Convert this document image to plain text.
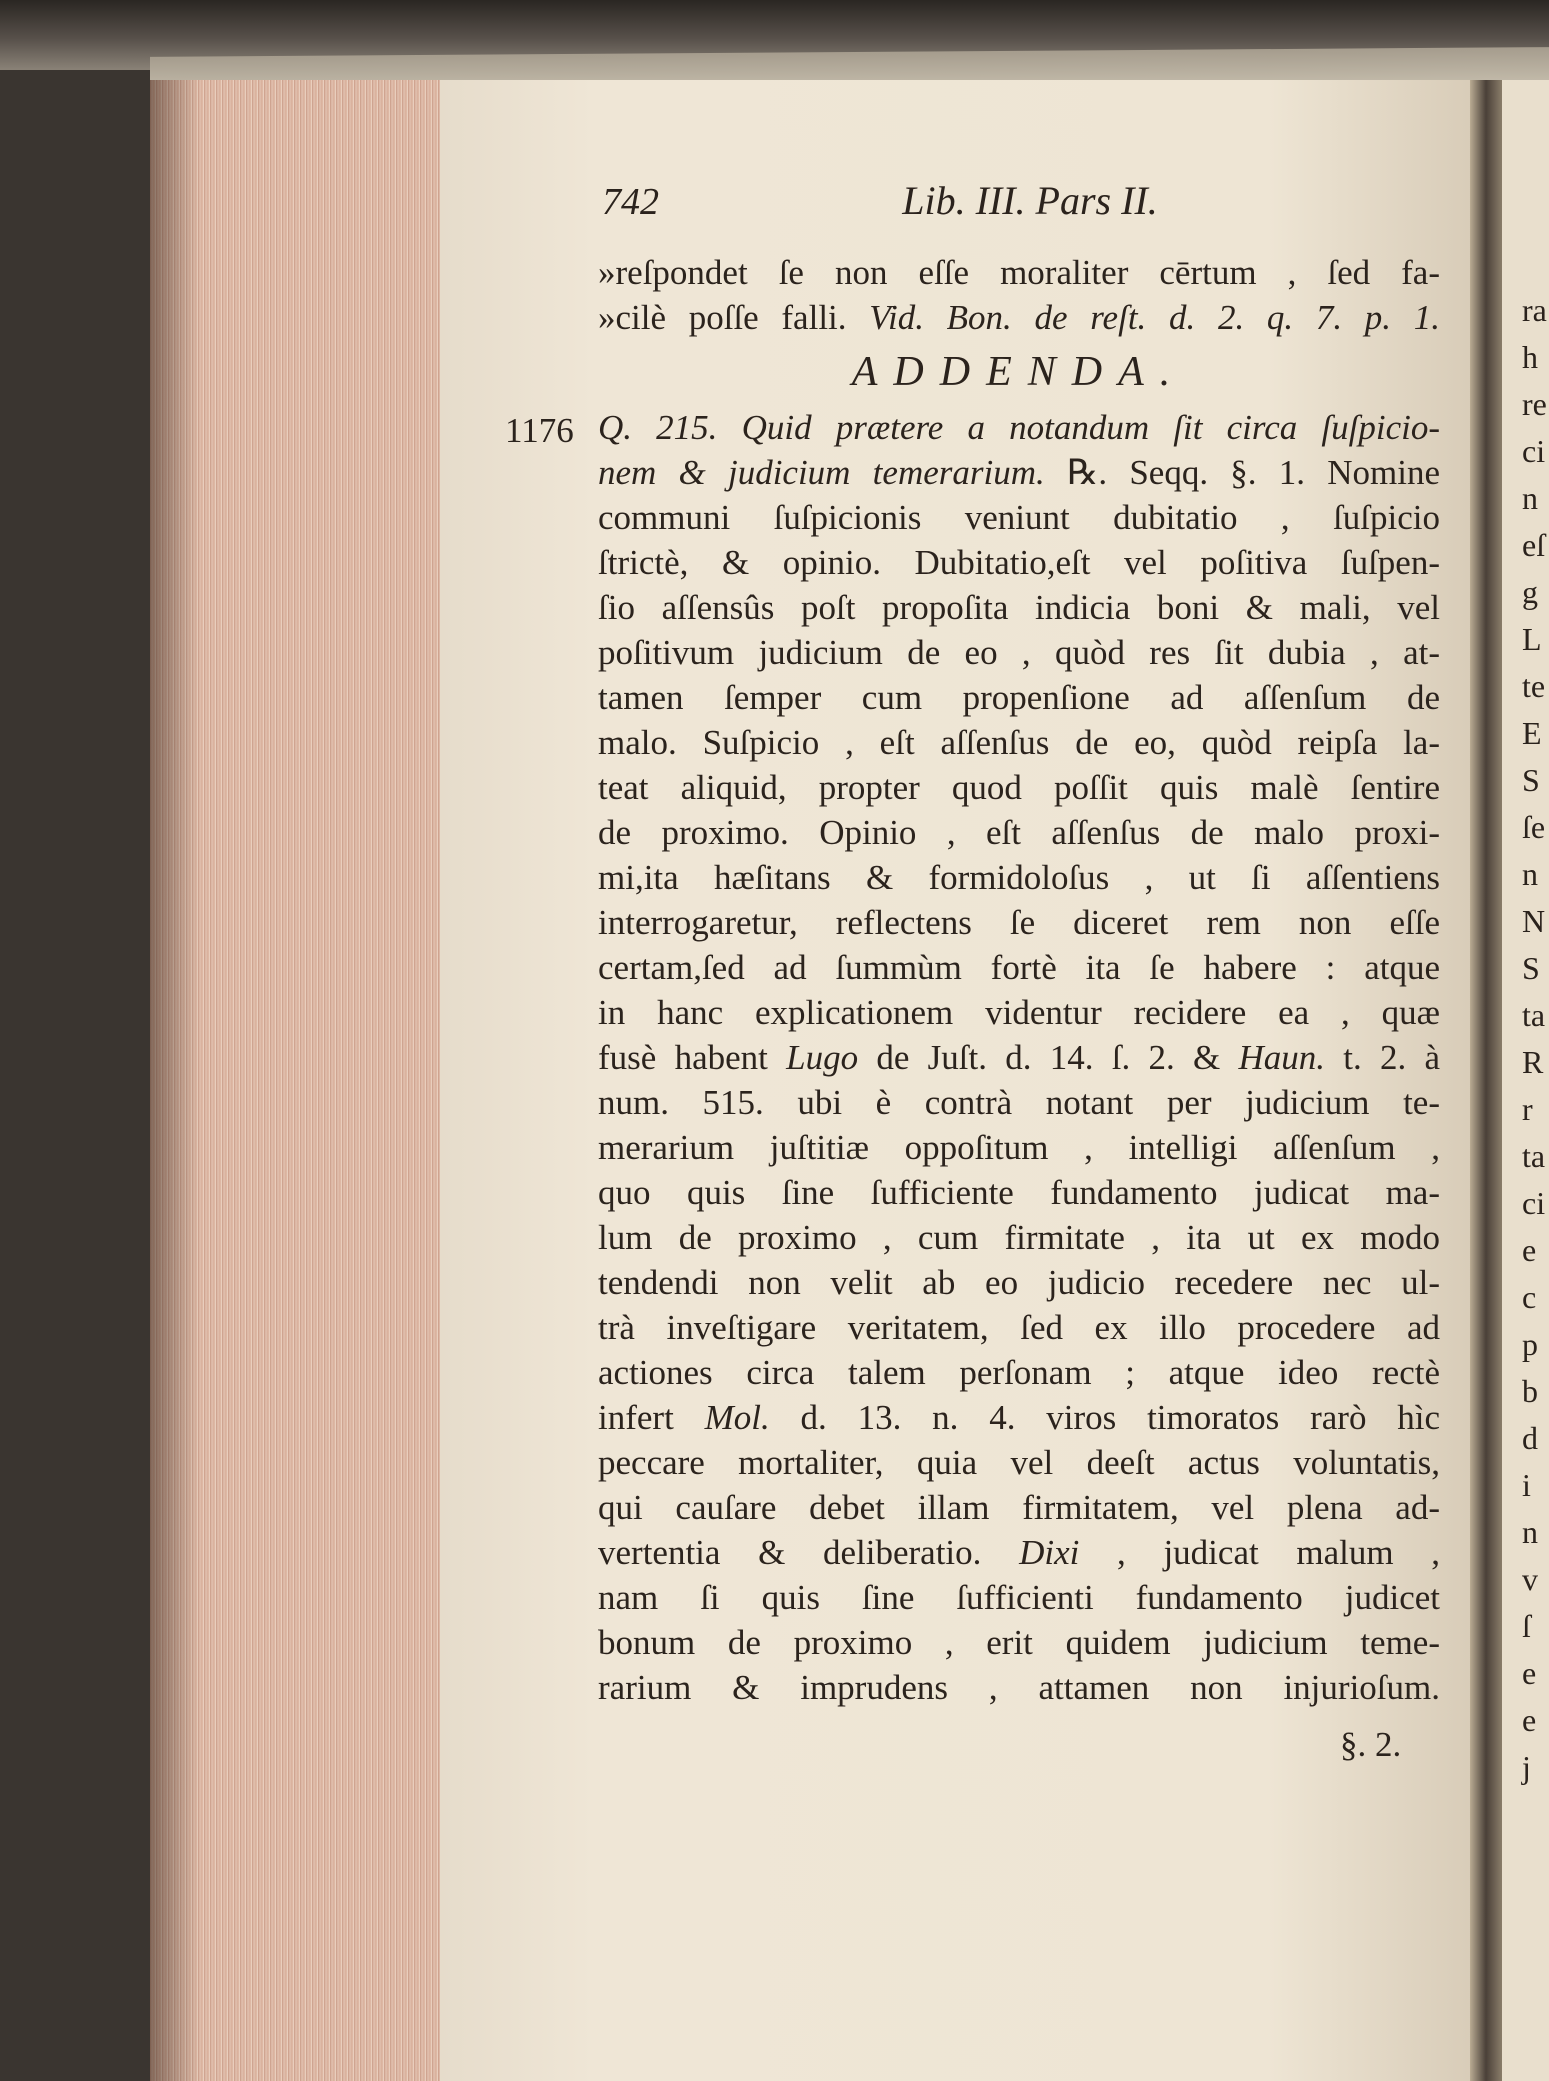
742	Lib. III. Pars II.
1176
»reſpondet ſe non eſſe moraliter cērtum , ſed fa-
»cilè poſſe falli. Vid. Bon. de reſt. d. 2. q. 7. p. 1.
ADDENDA.
Q. 215. Quid prætere a notandum ſit circa ſuſpicio-
nem & judicium temerarium. ℞. Seqq. §. 1. Nomine
communi ſuſpicionis veniunt dubitatio , ſuſpicio
ſtrictè, & opinio. Dubitatio,eſt vel poſitiva ſuſpen-
ſio aſſensûs poſt propoſita indicia boni & mali, vel
poſitivum judicium de eo , quòd res ſit dubia , at-
tamen ſemper cum propenſione ad aſſenſum de
malo. Suſpicio , eſt aſſenſus de eo, quòd reipſa la-
teat aliquid, propter quod poſſit quis malè ſentire
de proximo. Opinio , eſt aſſenſus de malo proxi-
mi,ita hæſitans & formidoloſus , ut ſi aſſentiens
interrogaretur, reflectens ſe diceret rem non eſſe
certam,ſed ad ſummùm fortè ita ſe habere : atque
in hanc explicationem videntur recidere ea , quæ
fusè habent Lugo de Juſt. d. 14. ſ. 2. & Haun. t. 2. à
num. 515. ubi è contrà notant per judicium te-
merarium juſtitiæ oppoſitum , intelligi aſſenſum ,
quo quis ſine ſufficiente fundamento judicat ma-
lum de proximo , cum firmitate , ita ut ex modo
tendendi non velit ab eo judicio recedere nec ul-
trà inveſtigare veritatem, ſed ex illo procedere ad
actiones circa talem perſonam ; atque ideo rectè
infert Mol. d. 13. n. 4. viros timoratos rarò hìc
peccare mortaliter, quia vel deeſt actus voluntatis,
qui cauſare debet illam firmitatem, vel plena ad-
vertentia & deliberatio. Dixi , judicat malum ,
nam ſi quis ſine ſufficienti fundamento judicet
bonum de proximo , erit quidem judicium teme-
rarium & imprudens , attamen non injurioſum.
§. 2.
ra
h
re
ci
n
eſ
g
L
te
E
S
ſe
n
N
S
ta
R
r
ta
ci
e
c
p
b
d
i
n
v
ſ
e
e
j
